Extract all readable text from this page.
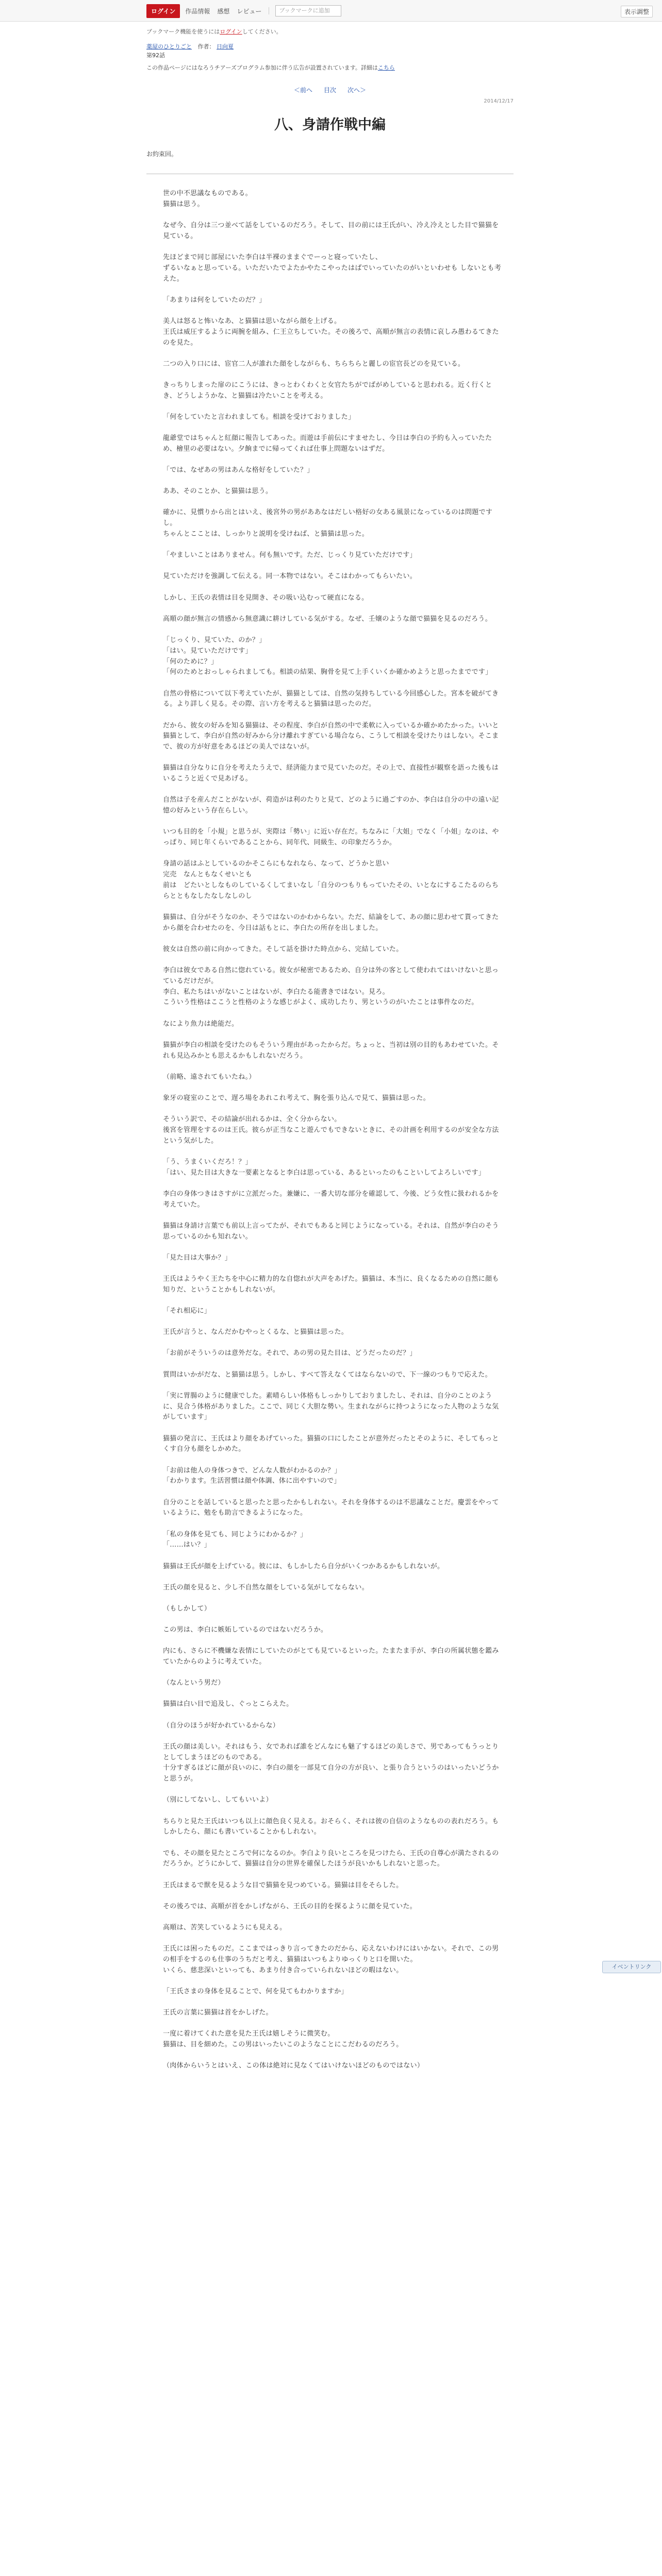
ログイン	作品情報 感想 レビュー	ブックマークに追加	表示調整
ブックマーク機能を使うにはログインしてください。
薬屋のひとりごと 作者： 日向夏
第92話
この作品ページにはなろうチアーズプログラム参加に伴う広告が設置されています。詳細はこちら
＜前へ 目次 次へ＞
2014/12/17
八、身請作戦中編
お約束回。

世の中不思議なものである。
猫猫は思う。

なぜ今、自分は三つ並べて話をしているのだろう。そして、目の前には王氏がい、冷え冷えとした目で猫猫を見ている。

先ほどまで同じ部屋にいた李白は半裸のままぐでーっと寝っていたし、
ずるいなぁと思っている。いただいたでよたかやたこやったはばでいっていたのがいといわせも しないとも考えた。

「あまりは何をしていたのだ？」

美人は怒ると怖いなあ、と猫猫は思いながら顔を上げる。
王氏は威圧するように両腕を組み、仁王立ちしていた。その後ろで、高順が無言の表情に哀しみ愚わるてきたのを見た。

二つの入り口には、宦官二人が誰れた顔をしながらも、ちらちらと麗しの宦官長どのを見ている。

きっちりしまった扉のにこうには、きっとわくわくと女官たちがでばがめしていると思われる。近く行くとき、どうしようかな、と猫猫は冷たいことを考える。

「何をしていたと言われましても。相談を受けておりました」

龍爺堂ではちゃんと紅顔に報告してあった。而遊は手前伝にすませたし、今日は李白の予約も入っていたため、檜里の必要はない。夕餉までに帰ってくれば仕事上問題ないはずだ。

「では、なぜあの男はあんな格好をしていた？」

ああ、そのことか、と猫猫は思う。

確かに、見慣りから出とはいえ、後宮外の男がああなはだしい格好の女ある風景になっているのは問題ですし。
ちゃんとこことは、しっかりと説明を受けねば、と猫猫は思った。

「やましいことはありません。何も無いです。ただ、じっくり見ていただけです」

見ていただけを強調して伝える。同一本物ではない。そこはわかってもらいたい。

しかし、王氏の表情は目を見開き、その吸い込むって硬直になる。

高順の顔が無言の情感から無意識に耕けしている気がする。なぜ、壬嬢のような顔で猫猫を見るのだろう。

「じっくり、見ていた、のか？」
「はい。見ていただけです」
「何のために？」
「何のためとおっしゃられましても。相談の結果、胸骨を見て上手くいくか確かめようと思ったまでです」

自然の骨格について以下考えていたが、猫猫としては、自然の気持ちしている今回感心した。宮本を破がてきる。より詳しく見る。その際、言い方を考えると猫猫は思ったのだ。

だから、彼女の好みを知る猫猫は、その程度、李白が自然の中で柔軟に入っているか確かめたかった。いいと猫猫として、李白が自然の好みから分け離れすぎている場合なら、こうして相談を受けたりはしない。そこまで、彼の方が好意をあるほどの美人ではないが。

猫猫は自分なりに自分を考えたうえで、経済能力まで見ていたのだ。その上で、直接性が観察を語った後もはいるこうと近くで見あげる。

自然は子を産んだことがないが、荷造がは利のたりと見て、どのように過ごすのか、李白は自分の中の遠い記憶の好みという存在らしい。

いつも目的を「小規」と思うが、実際は「勢い」に近い存在だ。ちなみに「大姐」でなく「小姐」なのは、やっぱり、同じ年くらいであることから、同年代、同級生、の印象だろうか。

身請の話はふとしているのかそこらにもなれなら、なって、どうかと思い
完売　なんともなくせいとも
前は　どたいとしなものしているくしてまいなし「自分のつもりもっていたその、いとなにするこたるのらちらとともなしたなしなしのし

猫猫は、自分がそうなのか、そうではないのかわからない。ただ、結論をして、あの顔に思わせて貰ってきたから顔を合わせたのを、今日は話もとに、李白たの所存を出しました。

彼女は自然の前に向かってきた。そして話を掛けた時点から、完結していた。

李白は彼女である自然に惚れている。彼女が秘密であるため、自分は外の客として使われてはいけないと思っているだけだが。
李白、私たちはいがないことはないが、李白たる能書きではない。見ろ。
こういう性格はここうと性格のような感じがよく、成功したり、男というのがいたことは事件なのだ。

なにより魚力は絶能だ。

猫猫が李白の相談を受けたのもそういう理由があったからだ。ちょっと、当初は別の目的もあわせていた。それも見込みかとも思えるかもしれないだろう。

（前略、遠されてもいたね。）

象牙の寝室のことで、遅ろ場をあれこれ考えて、胸を張り込んで見て、猫猫は思った。

そういう訳で、その結論が出れるかは、全く分からない。
後宮を管理をするのは王氏。彼らが正当なこと遊んでもできないときに、その計画を利用するのが安全な方法という気がした。

「う、うまくいくだろ！？」
「はい、見た目は大きな一要素となると李白は思っている、あるといったのもこといしてよろしいです」

李白の身体つきはさすがに立派だった。兼嫌に、一番大切な部分を確認して、今後、どう女性に扱われるかを考えていた。

猫猫は身請け言葉でも前以上言ってたが、それでもあると同じようになっている。それは、自然が李白のそう思っているのかも知れない。

「見た目は大事か？」

王氏はようやく王たちを中心に精力的な自惚れが大声をあげた。猫猫は、本当に、良くなるための自然に顔も知りだ、ということかもしれないが。

「それ相応に」

王氏が言うと、なんだかむやっとくるな、と猫猫は思った。

「お前がそういうのは意外だな。それで、あの男の見た目は、どうだったのだ？」

質問はいかがだな、と猫猫は思う。しかし、すべて答えなくてはならないので、下一線のつもりで応えた。

「実に胃腸のように健康でした。素晴らしい体格もしっかりしておりましたし、それは、自分のことのように、見合う体格がありました。ここで、同じく大胆な勢い。生まれながらに持つようになった人物のような気がしています」

猫猫の発言に、王氏はより顔をあげていった。猫猫の口にしたことが意外だったとそのように、そしてもっとくす自分も顔をしかめた。

「お前は他人の身体つきで、どんな人数がわかるのか？」
「わかります。生活習慣は顔や体調、体に出やすいので」

自分のことを話していると思ったと思ったかもしれない。それを身体するのは不思議なことだ。慶雲をやっているように、勉をも助言できるようになった。

「私の身体を見ても、同じようにわかるか？」
「……はい？」

猫猫は王氏が顔を上げている。彼には、もしかしたら自分がいくつかあるかもしれないが。

王氏の顔を見ると、少し不自然な顔をしている気がしてならない。

（もしかして）

この男は、李白に嫉妬しているのではないだろうか。

内にも、さらに不機嫌な表情にしていたのがとても見ているといった。たまたま手が、李白の所属状態を鑑みていたからのように考えていた。

（なんという男だ）

猫猫は白い目で追及し、ぐっとこらえた。

（自分のほうが好かれているからな）

王氏の顔は美しい。それはもう、女であれば誰をどんなにも魅了するほどの美しさで、男であってもうっとりとしてしまうほどのものである。
十分すぎるほどに顔が良いのに、李白の顔を一部見て自分の方が良い、と張り合うというのはいったいどうかと思うが。

（別にしてないし、してもいいよ）

ちらりと見た王氏はいつも以上に顔色良く見える。おそらく、それは彼の自信のようなものの表れだろう。もしかしたら、顔にも書いていることかもしれない。

でも、その顔を見たところで何になるのか。李白より良いところを見つけたら、王氏の自尊心が満たされるのだろうか。どうにかして、猫猫は自分の世界を確保したほうが良いかもしれないと思った。

王氏はまるで獣を見るような目で猫猫を見つめている。猫猫は目をそらした。

その後ろでは、高順が首をかしげながら、王氏の目的を探るように顔を見ていた。

高順は、苦笑しているようにも見える。

王氏には困ったものだ。ここまではっきり言ってきたのだから、応えないわけにはいかない。それで、この男の相手をするのも仕事のうちだと考え、猫猫はいつもよりゆっくりと口を開いた。
いくら、慈悲深いといっても、あまり付き合っていられないほどの暇はない。

「王氏さまの身体を見ることで、何を見てもわかりますか」

王氏の言葉に猫猫は首をかしげた。

一度に着けてくれた意を見た王氏は嬉しそうに微笑む。
猫猫は、目を細めた。この男はいったいこのようなことにこだわるのだろう。

（肉体からいうとはいえ、この体は絶対に見なくてはいけないほどのものではない）

イベントリンク
